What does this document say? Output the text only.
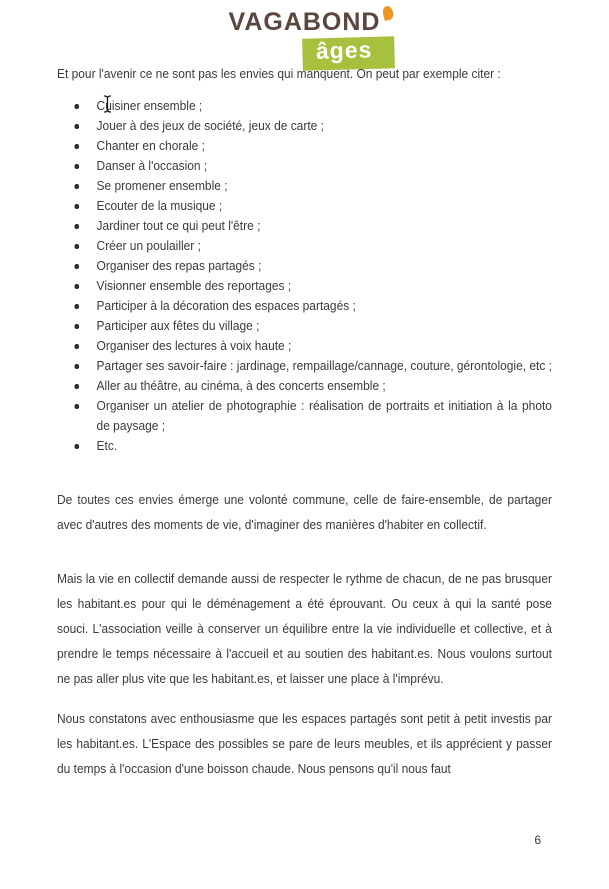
VAGABOND
âges

Et pour l'avenir ce ne sont pas les envies qui manquent. On peut par exemple citer :

Cuisiner ensemble ;
Jouer à des jeux de société, jeux de carte ;
Chanter en chorale ;
Danser à l'occasion ;
Se promener ensemble ;
Ecouter de la musique ;
Jardiner tout ce qui peut l'être ;
Créer un poulailler ;
Organiser des repas partagés ;
Visionner ensemble des reportages ;
Participer à la décoration des espaces partagés ;
Participer aux fêtes du village ;
Organiser des lectures à voix haute ;
Partager ses savoir-faire : jardinage, rempaillage/cannage, couture, gérontologie, etc ;
Aller au théâtre, au cinéma, à des concerts ensemble ;
Organiser un atelier de photographie : réalisation de portraits et initiation à la photo de paysage ;
Etc.

De toutes ces envies émerge une volonté commune, celle de faire-ensemble, de partager avec d'autres des moments de vie, d'imaginer des manières d'habiter en collectif.

Mais la vie en collectif demande aussi de respecter le rythme de chacun, de ne pas brusquer les habitant.es pour qui le déménagement a été éprouvant. Ou ceux à qui la santé pose souci. L'association veille à conserver un équilibre entre la vie individuelle et collective, et à prendre le temps nécessaire à l'accueil et au soutien des habitant.es. Nous voulons surtout ne pas aller plus vite que les habitant.es, et laisser une place à l'imprévu.

Nous constatons avec enthousiasme que les espaces partagés sont petit à petit investis par les habitant.es. L'Espace des possibles se pare de leurs meubles, et ils apprécient y passer du temps à l'occasion d'une boisson chaude. Nous pensons qu'il nous faut

6
